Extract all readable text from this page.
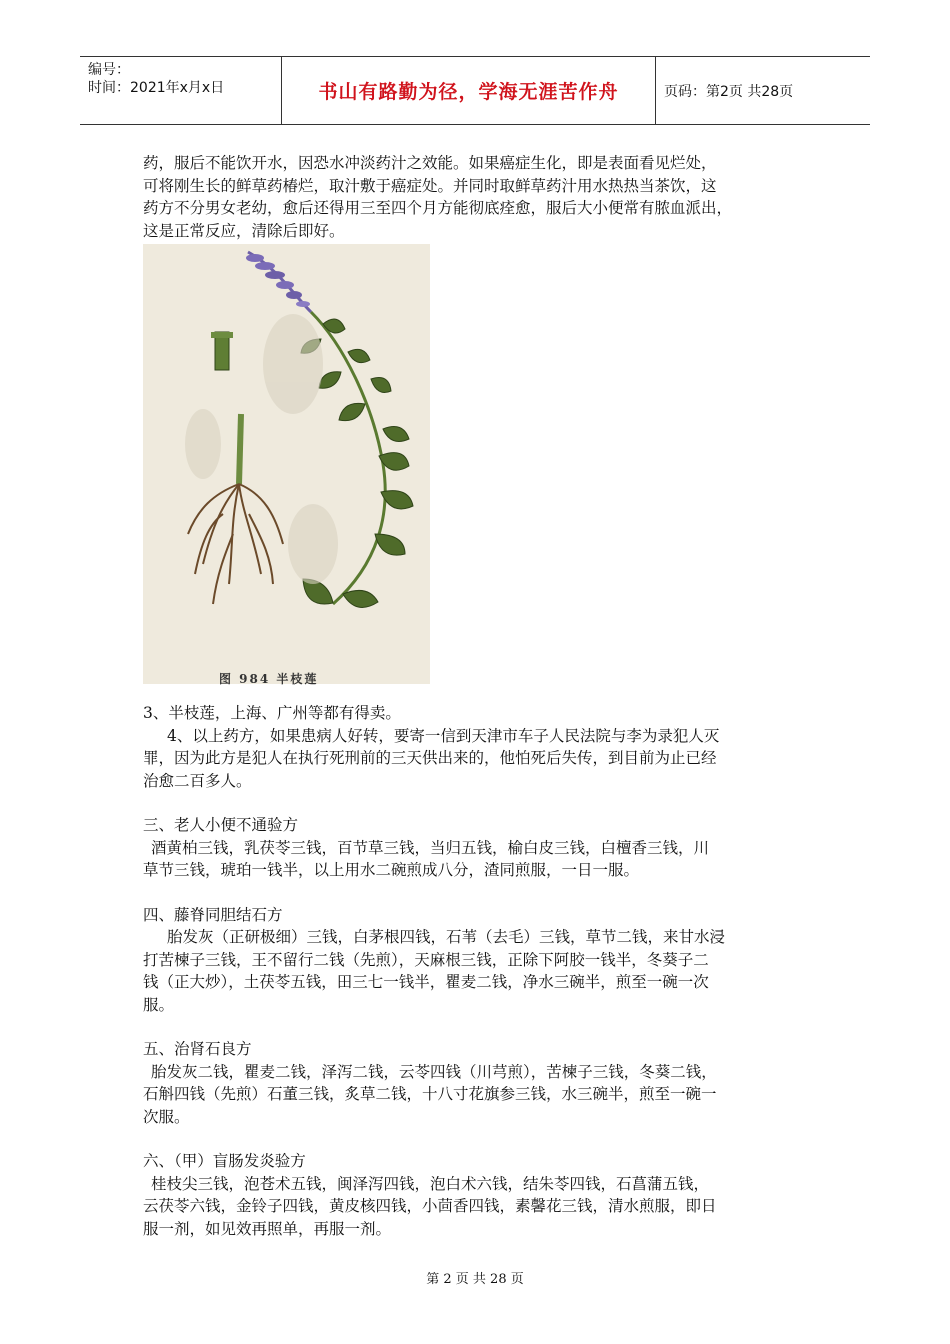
编号：
时间：2021年x月x日	书山有路勤为径，学海无涯苦作舟	页码：第2页 共28页

药，服后不能饮开水，因恐水冲淡药汁之效能。如果癌症生化，即是表面看见烂处，

可将刚生长的鲜草药椿烂，取汁敷于癌症处。并同时取鲜草药汁用水热热当茶饮，这

药方不分男女老幼，愈后还得用三至四个月方能彻底痊愈，服后大小便常有脓血派出，

这是正常反应，清除后即好。

图 984 半枝莲

3、半枝莲，上海、广州等都有得卖。

4、以上药方，如果患病人好转，要寄一信到天津市车子人民法院与李为录犯人灭

罪，因为此方是犯人在执行死刑前的三天供出来的，他怕死后失传，到目前为止已经

治愈二百多人。

三、老人小便不通验方

酒黄柏三钱，乳茯苓三钱，百节草三钱，当归五钱，榆白皮三钱，白檀香三钱，川

草节三钱，琥珀一钱半，以上用水二碗煎成八分，渣同煎服，一日一服。

四、藤脊同胆结石方

胎发灰（正研极细）三钱，白茅根四钱，石苇（去毛）三钱，草节二钱，来甘水浸

打苦楝子三钱，王不留行二钱（先煎），天麻根三钱，正除下阿胶一钱半，冬葵子二

钱（正大炒），土茯苓五钱，田三七一钱半，瞿麦二钱，净水三碗半，煎至一碗一次

服。

五、治肾石良方

胎发灰二钱，瞿麦二钱，泽泻二钱，云苓四钱（川芎煎），苦楝子三钱，冬葵二钱，

石斛四钱（先煎）石董三钱，炙草二钱，十八寸花旗参三钱，水三碗半，煎至一碗一

次服。

六、（甲）盲肠发炎验方

桂枝尖三钱，泡苍术五钱，闽泽泻四钱，泡白术六钱，结朱苓四钱，石菖蒲五钱，

云茯苓六钱，金铃子四钱，黄皮核四钱，小茴香四钱，素馨花三钱，清水煎服，即日

服一剂，如见效再照单，再服一剂。

第 2 页 共 28 页
